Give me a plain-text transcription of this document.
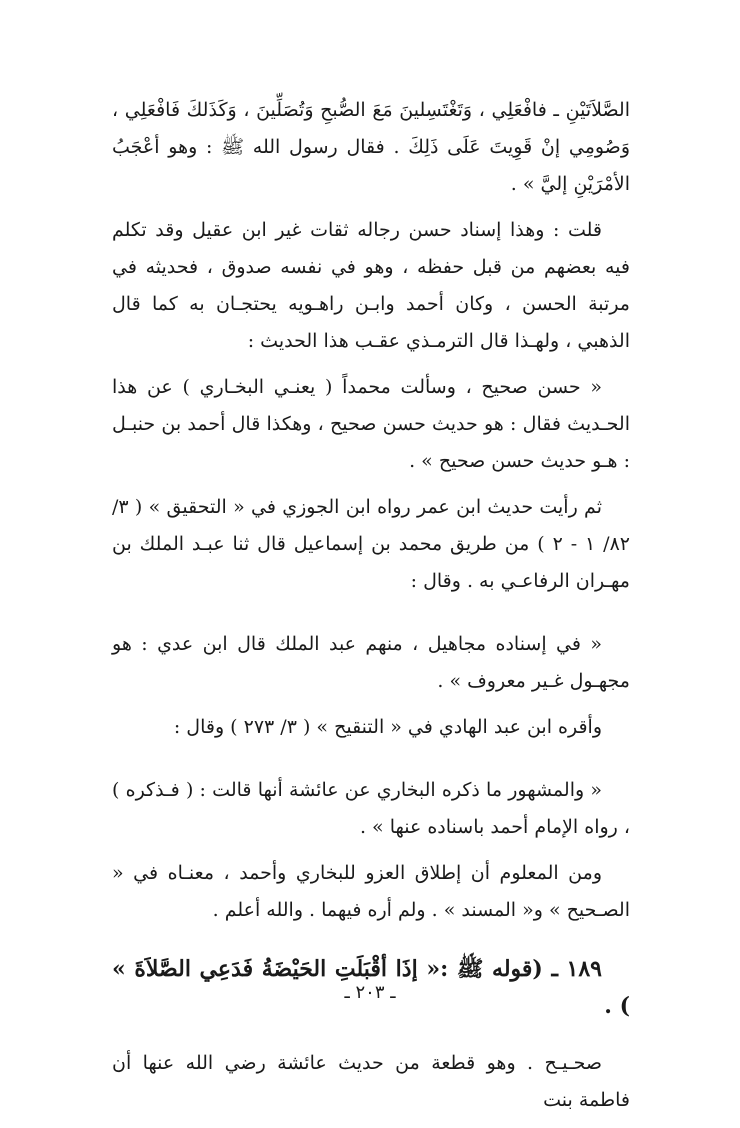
الصَّلاَتَيْنِ ـ فافْعَلِي ، وَتَغْتَسِلينَ مَعَ الصُّبحِ وَتُصَلِّينَ ، وَكَذَلكَ فَافْعَلِي ، وَصُومِي إنْ قَوِيتَ عَلَى ذَلِكَ . فقال رسول الله ﷺ : وهو أعْجَبُ الأمْرَيْنِ إليَّ » .

قلت : وهذا إسناد حسن رجاله ثقات غير ابن عقيل وقد تكلم فيه بعضهم من قبل حفظه ، وهو في نفسه صدوق ، فحديثه في مرتبة الحسن ، وكان أحمد وابـن راهـويه يحتجـان به كما قال الذهبي ، ولهـذا قال الترمـذي عقـب هذا الحديث :

« حسن صحيح ، وسألت محمداً ( يعنـي البخـاري ) عن هذا الحـديث فقال : هو حديث حسن صحيح ، وهكذا قال أحمد بن حنبـل : هـو حديث حسن صحيح » .

ثم رأيت حديث ابن عمر رواه ابن الجوزي في « التحقيق » ( ٣/ ٨٢/ ١ - ٢ ) من طريق محمد بن إسماعيل قال ثنا عبـد الملك بن مهـران الرفاعـي به . وقال :

« في إسناده مجاهيل ، منهم عبد الملك قال ابن عدي : هو مجهـول غـير معروف » .

وأقره ابن عبد الهادي في « التنقيح » ( ٣/ ٢٧٣ ) وقال :

« والمشهور ما ذكره البخاري عن عائشة أنها قالت : ( فـذكره ) ، رواه الإمام أحمد باسناده عنها » .

ومن المعلوم أن إطلاق العزو للبخاري وأحمد ، معنـاه في « الصـحيح » و« المسند » . ولم أره فيهما . والله أعلم .

١٨٩ ـ (قوله ﷺ :« إذَا أقْبَلَتِ الحَيْضَةُ فَدَعِي الصَّلاَةَ » ) .

صحـيـح . وهو قطعة من حديث عائشة رضي الله عنها أن فاطمة بنت

ـ ٢٠٣ ـ
